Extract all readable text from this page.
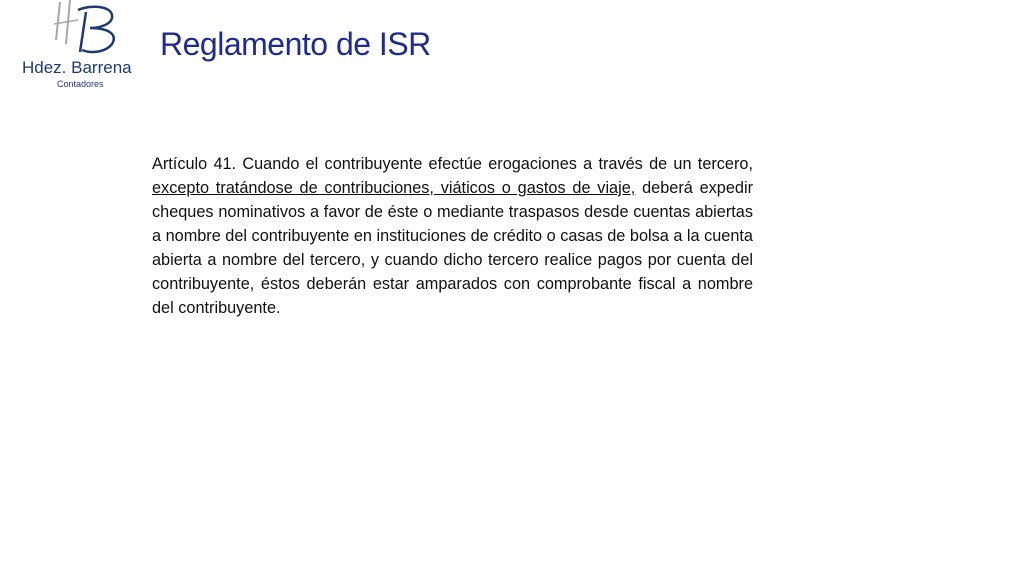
Hdez. Barrena
Contadores
Reglamento de ISR

Artículo 41. Cuando el contribuyente efectúe erogaciones a través de un tercero, excepto tratándose de contribuciones, viáticos o gastos de viaje, deberá expedir cheques nominativos a favor de éste o mediante traspasos desde cuentas abiertas a nombre del contribuyente en instituciones de crédito o casas de bolsa a la cuenta abierta a nombre del tercero, y cuando dicho tercero realice pagos por cuenta del contribuyente, éstos deberán estar amparados con comprobante fiscal a nombre del contribuyente.
